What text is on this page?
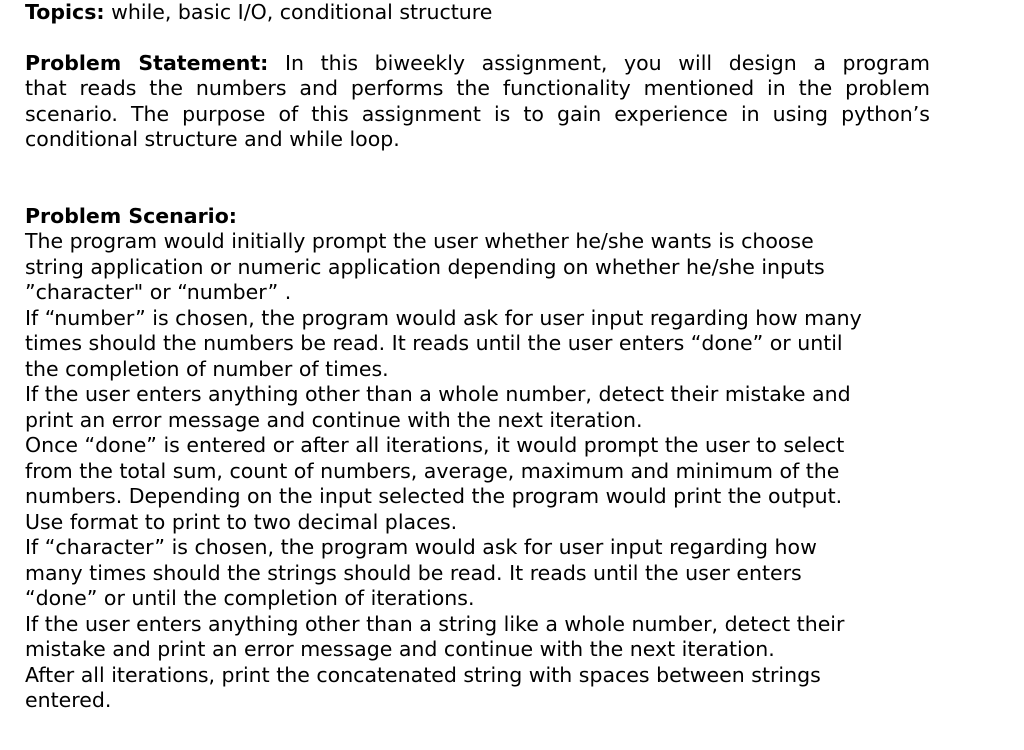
Topics: while, basic I/O, conditional structure

Problem Statement: In this biweekly assignment, you will design a program
that reads the numbers and performs the functionality mentioned in the problem
scenario. The purpose of this assignment is to gain experience in using python’s
conditional structure and while loop.

Problem Scenario:

The program would initially prompt the user whether he/she wants is choose
string application or numeric application depending on whether he/she inputs
”character" or “number” .
If “number” is chosen, the program would ask for user input regarding how many
times should the numbers be read. It reads until the user enters “done” or until
the completion of number of times.
If the user enters anything other than a whole number, detect their mistake and
print an error message and continue with the next iteration.
Once “done” is entered or after all iterations, it would prompt the user to select
from the total sum, count of numbers, average, maximum and minimum of the
numbers. Depending on the input selected the program would print the output.
Use format to print to two decimal places.
If “character” is chosen, the program would ask for user input regarding how
many times should the strings should be read. It reads until the user enters
“done” or until the completion of iterations.
If the user enters anything other than a string like a whole number, detect their
mistake and print an error message and continue with the next iteration.
After all iterations, print the concatenated string with spaces between strings
entered.
